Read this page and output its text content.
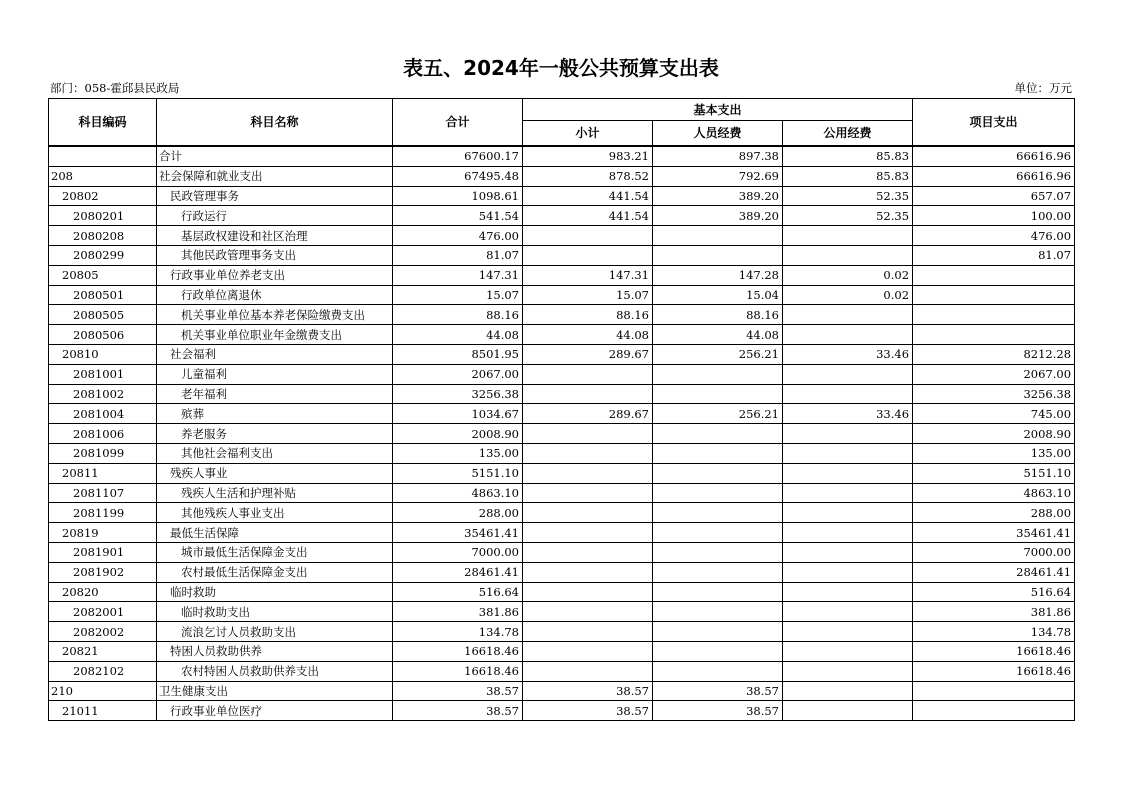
表五、2024年一般公共预算支出表
部门：058-霍邱县民政局	单位：万元
科目编码	科目名称	合计	基本支出			项目支出
			小计	人员经费	公用经费	
	合计	67600.17	983.21	897.38	85.83	66616.96
208	社会保障和就业支出	67495.48	878.52	792.69	85.83	66616.96
20802	民政管理事务	1098.61	441.54	389.20	52.35	657.07
2080201	行政运行	541.54	441.54	389.20	52.35	100.00
2080208	基层政权建设和社区治理	476.00				476.00
2080299	其他民政管理事务支出	81.07				81.07
20805	行政事业单位养老支出	147.31	147.31	147.28	0.02	
2080501	行政单位离退休	15.07	15.07	15.04	0.02	
2080505	机关事业单位基本养老保险缴费支出	88.16	88.16	88.16		
2080506	机关事业单位职业年金缴费支出	44.08	44.08	44.08		
20810	社会福利	8501.95	289.67	256.21	33.46	8212.28
2081001	儿童福利	2067.00				2067.00
2081002	老年福利	3256.38				3256.38
2081004	殡葬	1034.67	289.67	256.21	33.46	745.00
2081006	养老服务	2008.90				2008.90
2081099	其他社会福利支出	135.00				135.00
20811	残疾人事业	5151.10				5151.10
2081107	残疾人生活和护理补贴	4863.10				4863.10
2081199	其他残疾人事业支出	288.00				288.00
20819	最低生活保障	35461.41				35461.41
2081901	城市最低生活保障金支出	7000.00				7000.00
2081902	农村最低生活保障金支出	28461.41				28461.41
20820	临时救助	516.64				516.64
2082001	临时救助支出	381.86				381.86
2082002	流浪乞讨人员救助支出	134.78				134.78
20821	特困人员救助供养	16618.46				16618.46
2082102	农村特困人员救助供养支出	16618.46				16618.46
210	卫生健康支出	38.57	38.57	38.57		
21011	行政事业单位医疗	38.57	38.57	38.57		
